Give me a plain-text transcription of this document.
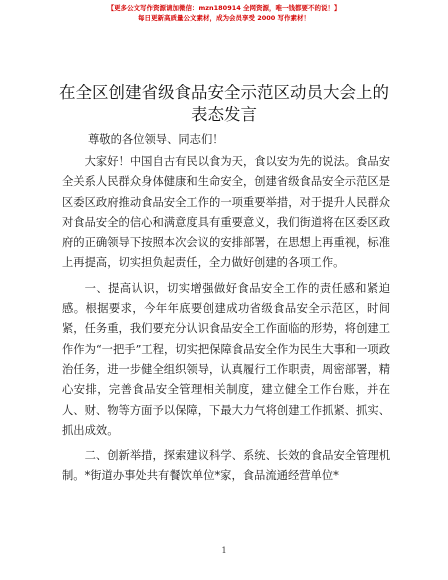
【更多公文写作资源请加微信：mzn180914 全网资源，唯一钱都要不的说！】
每日更新高质量公文素材，成为会员享受 2000 写作素材！
在全区创建省级食品安全示范区动员大会上的
表态发言
尊敬的各位领导、同志们！

大家好！中国自古有民以食为天，食以安为先的说法。食品安全关系人民群众身体健康和生命安全，创建省级食品安全示范区是区委区政府推动食品安全工作的一项重要举措，对于提升人民群众对食品安全的信心和满意度具有重要意义，我们街道将在区委区政府的正确领导下按照本次会议的安排部署，在思想上再重视，标准上再提高，切实担负起责任，全力做好创建的各项工作。

一、提高认识，切实增强做好食品安全工作的责任感和紧迫感。根据要求，今年年底要创建成功省级食品安全示范区，时间紧，任务重，我们要充分认识食品安全工作面临的形势，将创建工作作为“一把手”工程，切实把保障食品安全作为民生大事和一项政治任务，进一步健全组织领导，认真履行工作职责，周密部署，精心安排，完善食品安全管理相关制度，建立健全工作台账，并在人、财、物等方面予以保障，下最大力气将创建工作抓紧、抓实、抓出成效。

二、创新举措，探索建议科学、系统、长效的食品安全管理机制。*街道办事处共有餐饮单位*家，食品流通经营单位*

1
